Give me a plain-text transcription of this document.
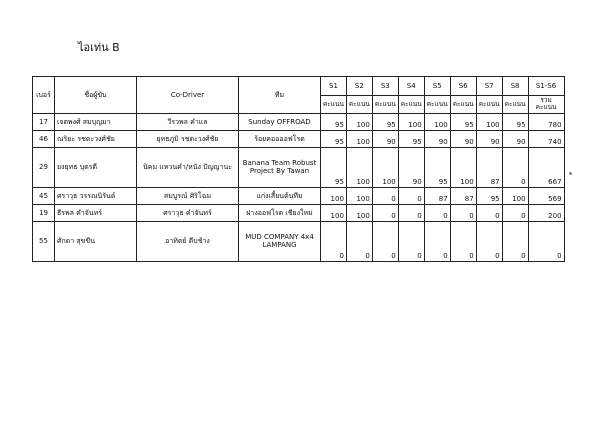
ไอเท่น B
เบอร์	ชื่อผู้ขับ	Co-Driver	ทีม	S1	S2	S3	S4	S5	S6	S7	S8	S1-S6
				คะแนน	คะแนน	คะแนน	คะแนน	คะแนน	คะแนน	คะแนน	คะแนน	รวมคะแนน
17	เจตพงศ์ สมบุญมา	วีรวพล คำแล	Sunday OFFROAD	95	100	95	100	100	95	100	95	780
46	ณริยะ รชตะวงศ์ชัย	ยุทธภูมิ รชตะวงศ์ชัย	ร้อยคออออฟโรด	95	100	90	95	90	90	90	90	740
29	ยงยุทธ บุตรดี	นิคม แหวนคำ/หนัง ปัญญานะ	Banana Team Robust Project By Tawan	95	100	100	90	95	100	87	0	667
45	ศราวุธ วรรณนิรันด์	สมบูรณ์ ศิริโฉม	แก่งเสี้ยนต้นทีม	100	100	0	0	87	87	95	100	569
19	ธีรพล คำจันทร์	ศราวุธ คำจันทร์	ฝางออฟโรด เชียงใหม่	100	100	0	0	0	0	0	0	200
55	ศักดา สุขขีน	อาทิตย์ ดีบช้าง	MUD COMPANY 4x4 LAMPANG	0	0	0	0	0	0	0	0	0
